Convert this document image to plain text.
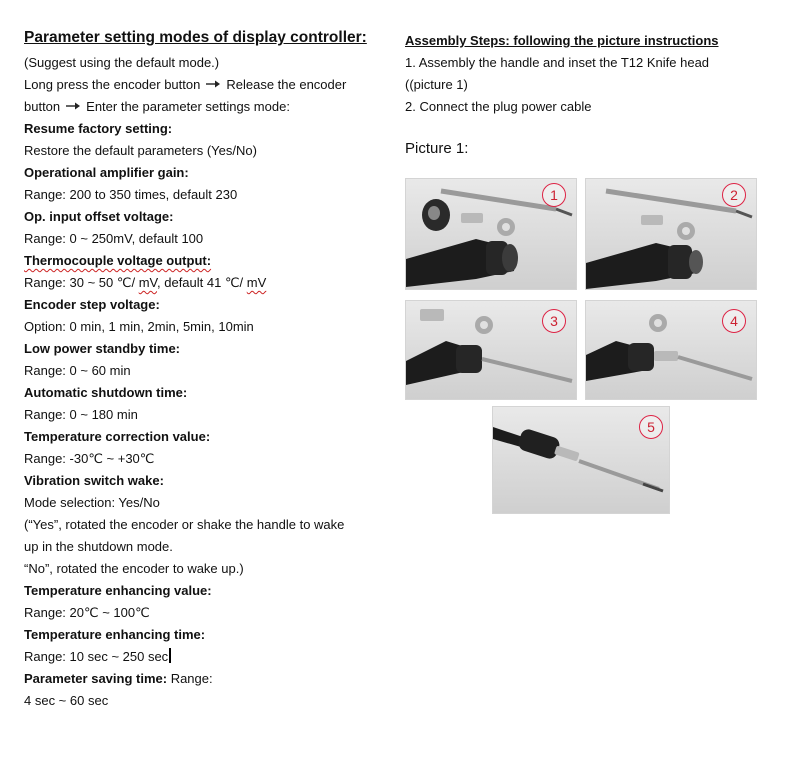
Parameter setting modes of display controller:
(Suggest using the default mode.)
Long press the encoder button Release the encoder
button Enter the parameter settings mode:
Resume factory setting:
Restore the default parameters (Yes/No)
Operational amplifier gain:
Range: 200 to 350 times, default 230
Op. input offset voltage:
Range: 0 ~ 250mV, default 100
Thermocouple voltage output:
Range: 30 ~ 50 ℃/ mV, default 41 ℃/ mV
Encoder step voltage:
Option: 0 min, 1 min, 2min, 5min, 10min
Low power standby time:
Range: 0 ~ 60 min
Automatic shutdown time:
Range: 0 ~ 180 min
Temperature correction value:
Range: -30℃ ~ +30℃
Vibration switch wake:
Mode selection: Yes/No
(“Yes”, rotated the encoder or shake the handle to wake
up in the shutdown mode.
“No”, rotated the encoder to wake up.)
Temperature enhancing value:
Range: 20℃ ~ 100℃
Temperature enhancing time:
Range: 10 sec ~ 250 sec
Parameter saving time: Range:
4 sec ~ 60 sec
Assembly Steps: following the picture instructions
1. Assembly the handle and inset the T12 Knife head
((picture 1)
2. Connect the plug power cable
Picture 1:
1	2
3	4
5
